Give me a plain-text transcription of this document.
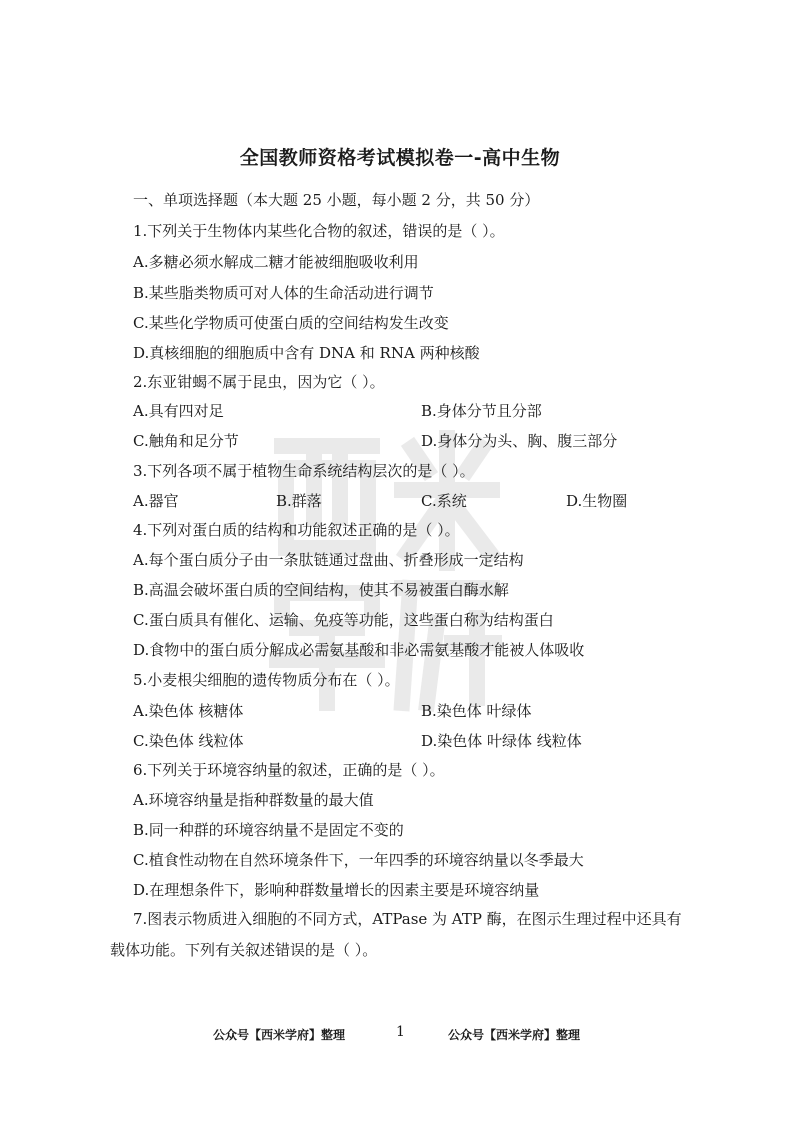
全国教师资格考试模拟卷一-高中生物
一、单项选择题（本大题 25 小题，每小题 2 分，共 50 分）
1.下列关于生物体内某些化合物的叙述，错误的是（ ）。
A.多糖必须水解成二糖才能被细胞吸收利用
B.某些脂类物质可对人体的生命活动进行调节
C.某些化学物质可使蛋白质的空间结构发生改变
D.真核细胞的细胞质中含有 DNA 和 RNA 两种核酸
2.东亚钳蝎不属于昆虫，因为它（ ）。
A.具有四对足	B.身体分节且分部
C.触角和足分节	D.身体分为头、胸、腹三部分
3.下列各项不属于植物生命系统结构层次的是（ ）。
A.器官	B.群落	C.系统	D.生物圈
4.下列对蛋白质的结构和功能叙述正确的是（ ）。
A.每个蛋白质分子由一条肽链通过盘曲、折叠形成一定结构
B.高温会破坏蛋白质的空间结构，使其不易被蛋白酶水解
C.蛋白质具有催化、运输、免疫等功能，这些蛋白称为结构蛋白
D.食物中的蛋白质分解成必需氨基酸和非必需氨基酸才能被人体吸收
5.小麦根尖细胞的遗传物质分布在（ ）。
A.染色体 核糖体	B.染色体 叶绿体
C.染色体 线粒体	D.染色体 叶绿体 线粒体
6.下列关于环境容纳量的叙述，正确的是（ ）。
A.环境容纳量是指种群数量的最大值
B.同一种群的环境容纳量不是固定不变的
C.植食性动物在自然环境条件下，一年四季的环境容纳量以冬季最大
D.在理想条件下，影响种群数量增长的因素主要是环境容纳量
7.图表示物质进入细胞的不同方式，ATPase 为 ATP 酶，在图示生理过程中还具有
载体功能。下列有关叙述错误的是（ ）。
公众号【西米学府】整理	1	公众号【西米学府】整理
